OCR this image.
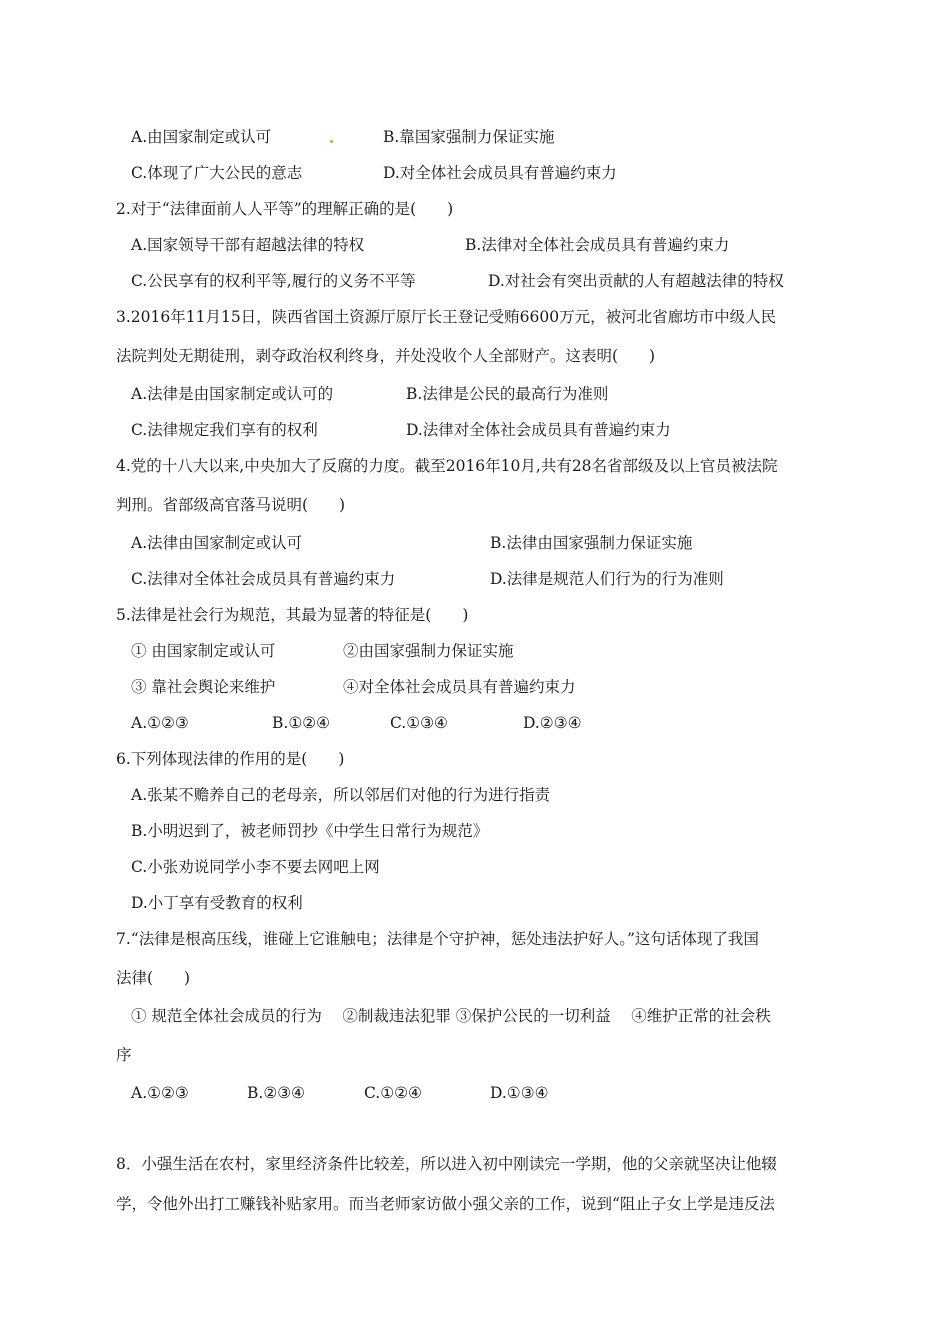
A.由国家制定或认可	B.靠国家强制力保证实施
C.体现了广大公民的意志	D.对全体社会成员具有普遍约束力
2.对于“法律面前人人平等”的理解正确的是(　　)
A.国家领导干部有超越法律的特权	B.法律对全体社会成员具有普遍约束力
C.公民享有的权利平等,履行的义务不平等	D.对社会有突出贡献的人有超越法律的特权
3.2016年11月15日，陕西省国土资源厅原厅长王登记受贿6600万元，被河北省廊坊市中级人民
法院判处无期徒刑，剥夺政治权利终身，并处没收个人全部财产。这表明(　　)
A.法律是由国家制定或认可的	B.法律是公民的最高行为准则
C.法律规定我们享有的权利	D.法律对全体社会成员具有普遍约束力
4.党的十八大以来,中央加大了反腐的力度。截至2016年10月,共有28名省部级及以上官员被法院
判刑。省部级高官落马说明(　　)
A.法律由国家制定或认可	B.法律由国家强制力保证实施
C.法律对全体社会成员具有普遍约束力	D.法律是规范人们行为的行为准则
5.法律是社会行为规范，其最为显著的特征是(　　)
① 由国家制定或认可	②由国家强制力保证实施
③ 靠社会舆论来维护	④对全体社会成员具有普遍约束力
A.①②③	B.①②④	C.①③④	D.②③④
6.下列体现法律的作用的是(　　)
A.张某不赡养自己的老母亲，所以邻居们对他的行为进行指责
B.小明迟到了，被老师罚抄《中学生日常行为规范》
C.小张劝说同学小李不要去网吧上网
D.小丁享有受教育的权利
7.“法律是根高压线，谁碰上它谁触电；法律是个守护神，惩处违法护好人。”这句话体现了我国
法律(　　)
① 规范全体社会成员的行为　 ②制裁违法犯罪 ③保护公民的一切利益　 ④维护正常的社会秩
序
A.①②③	B.②③④	C.①②④	D.①③④
8．小强生活在农村，家里经济条件比较差，所以进入初中刚读完一学期，他的父亲就坚决让他辍
学，令他外出打工赚钱补贴家用。而当老师家访做小强父亲的工作，说到“阻止子女上学是违反法
